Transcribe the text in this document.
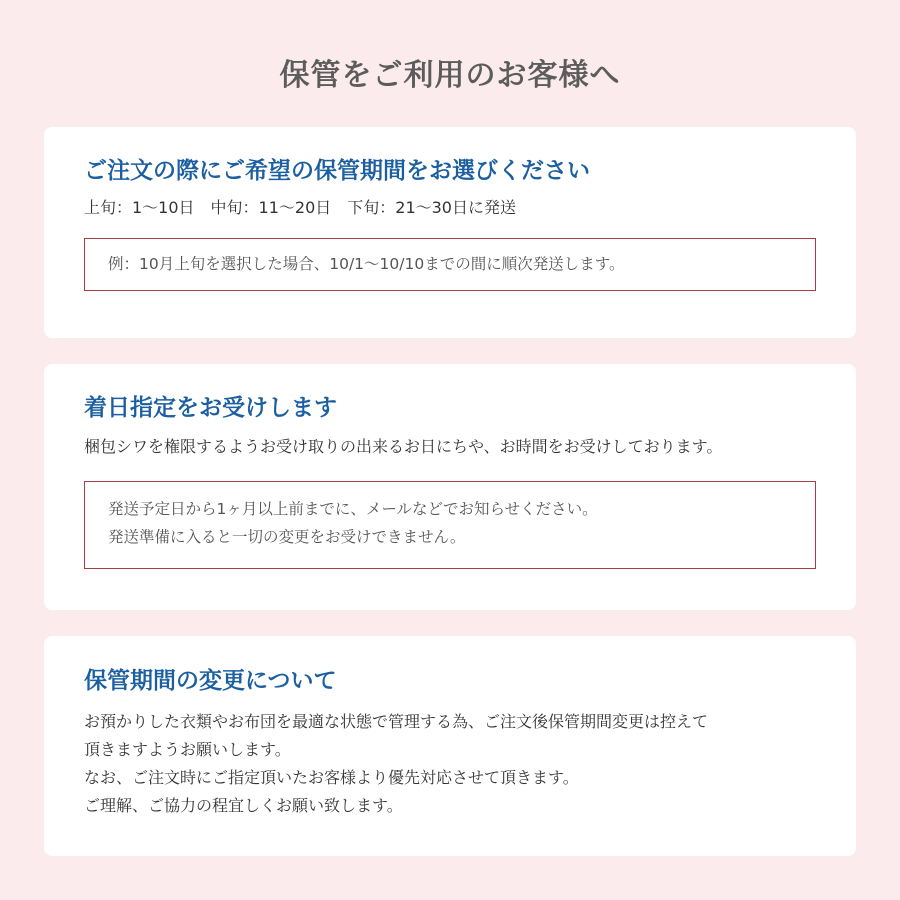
保管をご利用のお客様へ
ご注文の際にご希望の保管期間をお選びください
上旬：1～10日　中旬：11～20日　下旬：21～30日に発送
例：10月上旬を選択した場合、10/1～10/10までの間に順次発送します。
着日指定をお受けします
梱包シワを権限するようお受け取りの出来るお日にちや、お時間をお受けしております。
発送予定日から1ヶ月以上前までに、メールなどでお知らせください。
発送準備に入ると一切の変更をお受けできません。
保管期間の変更について
お預かりした衣類やお布団を最適な状態で管理する為、ご注文後保管期間変更は控えて
頂きますようお願いします。
なお、ご注文時にご指定頂いたお客様より優先対応させて頂きます。
ご理解、ご協力の程宜しくお願い致します。
